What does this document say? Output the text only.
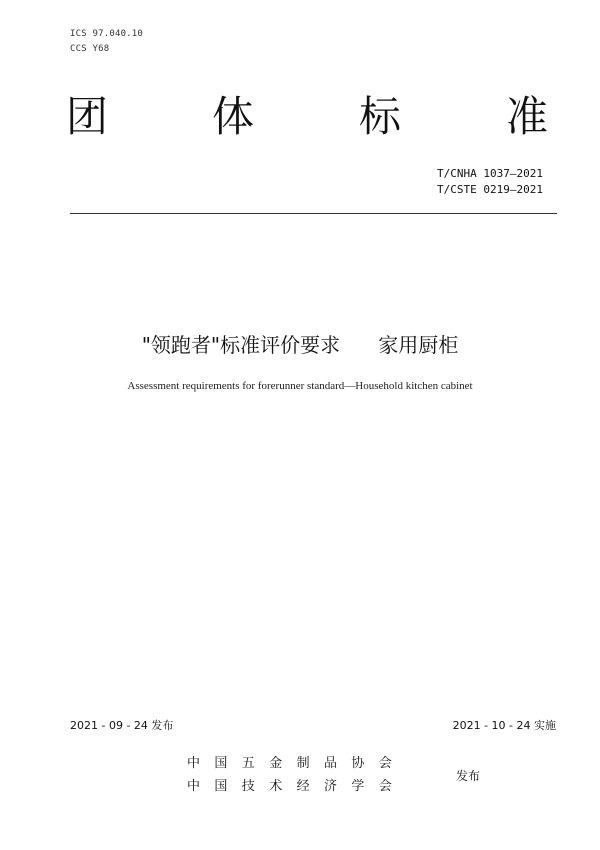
ICS 97.040.10
CCS Y68
团 体 标 准
T/CNHA 1037—2021
T/CSTE 0219—2021
"领跑者"标准评价要求      家用厨柜
Assessment requirements for forerunner standard—Household kitchen cabinet
2021 - 09 - 24 发布	2021 - 10 - 24 实施
中   国   五   金   制   品   协   会
中   国   技   术   经   济   学   会
发布
